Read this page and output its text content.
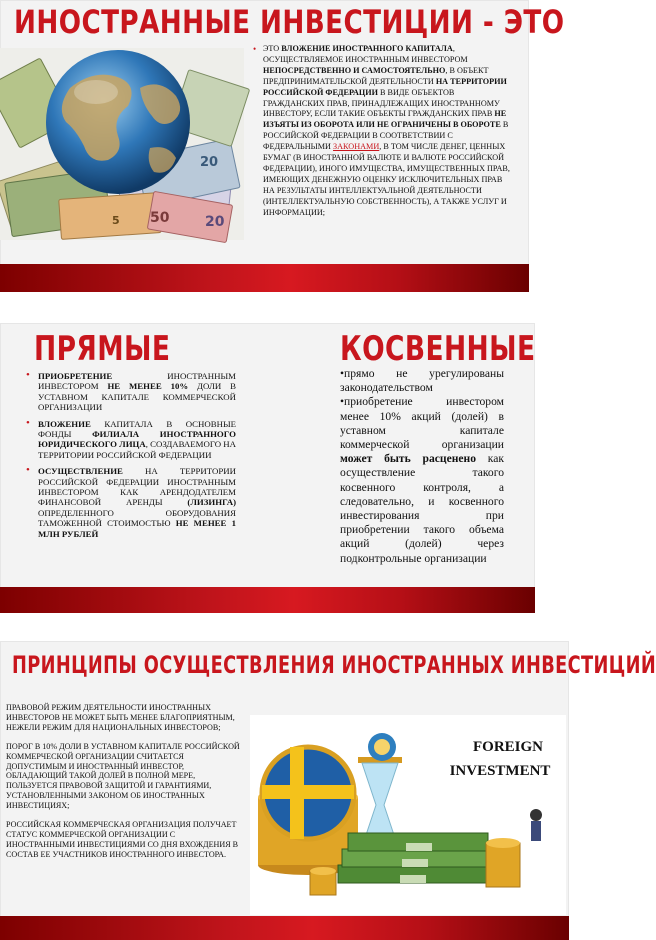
ИНОСТРАННЫЕ ИНВЕСТИЦИИ - ЭТО
20
50
20
5
• ЭТО ВЛОЖЕНИЕ ИНОСТРАННОГО КАПИТАЛА, ОСУЩЕСТВЛЯЕМОЕ ИНОСТРАННЫМ ИНВЕСТОРОМ НЕПОСРЕДСТВЕННО И САМОСТОЯТЕЛЬНО, В ОБЪЕКТ ПРЕДПРИНИМАТЕЛЬСКОЙ ДЕЯТЕЛЬНОСТИ НА ТЕРРИТОРИИ РОССИЙСКОЙ ФЕДЕРАЦИИ В ВИДЕ ОБЪЕКТОВ ГРАЖДАНСКИХ ПРАВ, ПРИНАДЛЕЖАЩИХ ИНОСТРАННОМУ ИНВЕСТОРУ, ЕСЛИ ТАКИЕ ОБЪЕКТЫ ГРАЖДАНСКИХ ПРАВ НЕ ИЗЪЯТЫ ИЗ ОБОРОТА ИЛИ НЕ ОГРАНИЧЕНЫ В ОБОРОТЕ В РОССИЙСКОЙ ФЕДЕРАЦИИ В СООТВЕТСТВИИ С ФЕДЕРАЛЬНЫМИ ЗАКОНАМИ, В ТОМ ЧИСЛЕ ДЕНЕГ, ЦЕННЫХ БУМАГ (В ИНОСТРАННОЙ ВАЛЮТЕ И ВАЛЮТЕ РОССИЙСКОЙ ФЕДЕРАЦИИ), ИНОГО ИМУЩЕСТВА, ИМУЩЕСТВЕННЫХ ПРАВ, ИМЕЮЩИХ ДЕНЕЖНУЮ ОЦЕНКУ ИСКЛЮЧИТЕЛЬНЫХ ПРАВ НА РЕЗУЛЬТАТЫ ИНТЕЛЛЕКТУАЛЬНОЙ ДЕЯТЕЛЬНОСТИ (ИНТЕЛЛЕКТУАЛЬНУЮ СОБСТВЕННОСТЬ), А ТАКЖЕ УСЛУГ И ИНФОРМАЦИИ;
ПРЯМЫЕ	КОСВЕННЫЕ
• ПРИОБРЕТЕНИЕ ИНОСТРАННЫМ ИНВЕСТОРОМ НЕ МЕНЕЕ 10% ДОЛИ В УСТАВНОМ КАПИТАЛЕ КОММЕРЧЕСКОЙ ОРГАНИЗАЦИИ
• ВЛОЖЕНИЕ КАПИТАЛА В ОСНОВНЫЕ ФОНДЫ ФИЛИАЛА ИНОСТРАННОГО ЮРИДИЧЕСКОГО ЛИЦА, СОЗДАВАЕМОГО НА ТЕРРИТОРИИ РОССИЙСКОЙ ФЕДЕРАЦИИ
• ОСУЩЕСТВЛЕНИЕ НА ТЕРРИТОРИИ РОССИЙСКОЙ ФЕДЕРАЦИИ ИНОСТРАННЫМ ИНВЕСТОРОМ КАК АРЕНДОДАТЕЛЕМ ФИНАНСОВОЙ АРЕНДЫ (ЛИЗИНГА) ОПРЕДЕЛЕННОГО ОБОРУДОВАНИЯ ТАМОЖЕННОЙ СТОИМОСТЬЮ НЕ МЕНЕЕ 1 МЛН РУБЛЕЙ

•прямо не урегулированы законодательством

•приобретение инвестором менее 10% акций (долей) в уставном капитале коммерческой организации может быть расценено как осуществление такого косвенного контроля, а следовательно, и косвенного инвестирования при приобретении такого объема акций (долей) через подконтрольные организации

ПРИНЦИПЫ ОСУЩЕСТВЛЕНИЯ ИНОСТРАННЫХ ИНВЕСТИЦИЙ

ПРАВОВОЙ РЕЖИМ ДЕЯТЕЛЬНОСТИ ИНОСТРАННЫХ ИНВЕСТОРОВ НЕ МОЖЕТ БЫТЬ МЕНЕЕ БЛАГОПРИЯТНЫМ, НЕЖЕЛИ РЕЖИМ ДЛЯ НАЦИОНАЛЬНЫХ ИНВЕСТОРОВ;

ПОРОГ В 10% ДОЛИ В УСТАВНОМ КАПИТАЛЕ РОССИЙСКОЙ КОММЕРЧЕСКОЙ ОРГАНИЗАЦИИ СЧИТАЕТСЯ ДОПУСТИМЫМ И ИНОСТРАННЫЙ ИНВЕСТОР, ОБЛАДАЮЩИЙ ТАКОЙ ДОЛЕЙ В ПОЛНОЙ МЕРЕ, ПОЛЬЗУЕТСЯ ПРАВОВОЙ ЗАЩИТОЙ И ГАРАНТИЯМИ, УСТАНОВЛЕННЫМИ ЗАКОНОМ ОБ ИНОСТРАННЫХ ИНВЕСТИЦИЯХ;

РОССИЙСКАЯ КОММЕРЧЕСКАЯ ОРГАНИЗАЦИЯ ПОЛУЧАЕТ СТАТУС КОММЕРЧЕСКОЙ ОРГАНИЗАЦИИ С ИНОСТРАННЫМИ ИНВЕСТИЦИЯМИ СО ДНЯ ВХОЖДЕНИЯ В СОСТАВ ЕЕ УЧАСТНИКОВ ИНОСТРАННОГО ИНВЕСТОРА.

FOREIGN
INVESTMENT
